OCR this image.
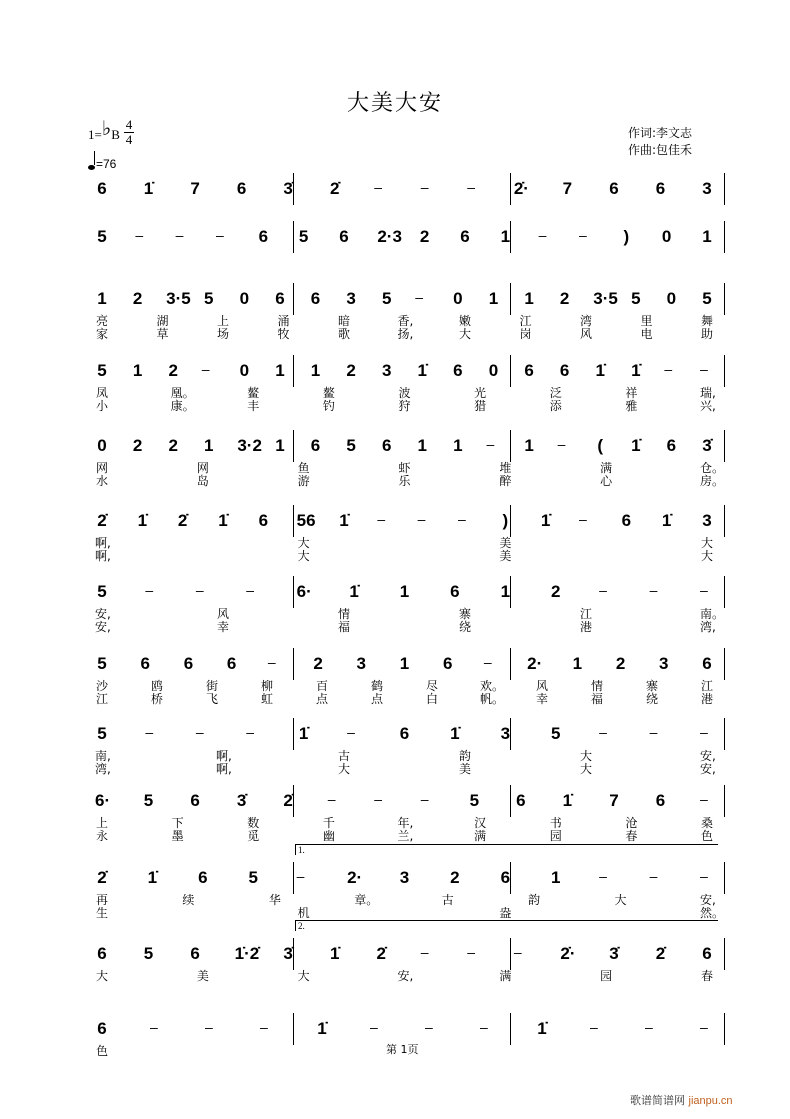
大美大安
1=♭B
4
4
=76
作词:李文志
作曲:包佳禾
6 1̇ 7 6 3̇ 2̇ –	–	– 2̇· 7 6 6 3
5 – – – 6 5 6 2·3 2 6 1 – – ) 0 1
1 2 3·5 5 0 6 6 3 5 – 0 1 1 2 3·5 5 0 5
亮	湖	上	涌	暗	香,	嫩	江	湾	里	舞
家	草	场	牧	歌	扬,	大	岗	风	电	助
5 1 2 – 0 1 1 2 3 1̇ 6 0 6 6 1̇ 1̇ – –
凤	凰。	鳌	鳌	波	光	泛	祥	瑞,
小	康。	丰	钓	狩	猎	添	雅	兴,
0 2 2 1 3·2 1 6 5 6 1 1 – 1 – ( 1̇ 6 3̇
网	网	鱼	虾	堆	满	仓。
水	岛	游	乐	醉	心	房。
2̇ 1̇ 2̇ 1̇ 6 56 1̇ – – – ) 1̇ – 6 1̇ 3
啊,	大	美	大
啊,	大	美	大
5	–	–	–	6· 1̇ 1 6 1 2	–	–	–
安,	风	情	寨	江	南。
安,	幸	福	绕	港	湾,
5 6 6 6 – 2 3 1 6 – 2· 1 2 3 6
沙	鸥	街	柳	百	鹤	尽	欢。	风	情	寨	江
江	桥	飞	虹	点	点	白	帆。	幸	福	绕	港
5	–	–	–	1̇	–	6 1̇ 3 5	–	–	–
南,	啊,	古	韵	大	安,
湾,	啊,	大	美	大	安,
6· 5 6 3̇ 2̇ –	–	– 5 6 1̇ 7 6 –
上	下	数	千	年,	汉	书	沧	桑
永	墨	觅	幽	兰,	满	园	春	色
2̇ 1̇ 6 5	–	2· 3 2 6 1	–	–	–
再	续	华	章。	古	韵	大	安,
生	机	盎	然。
1.
6 5 6 1̇·2̇ 3̇ 1̇ 2̇ –	–	– 2̇· 3̇ 2̇ 6
大	美	大	安,	满	园	春
2.
6	–	–	–	1̇	–	–	–	1̇	–	–	–
色	第 1页
歌谱简谱网 jianpu.cn
